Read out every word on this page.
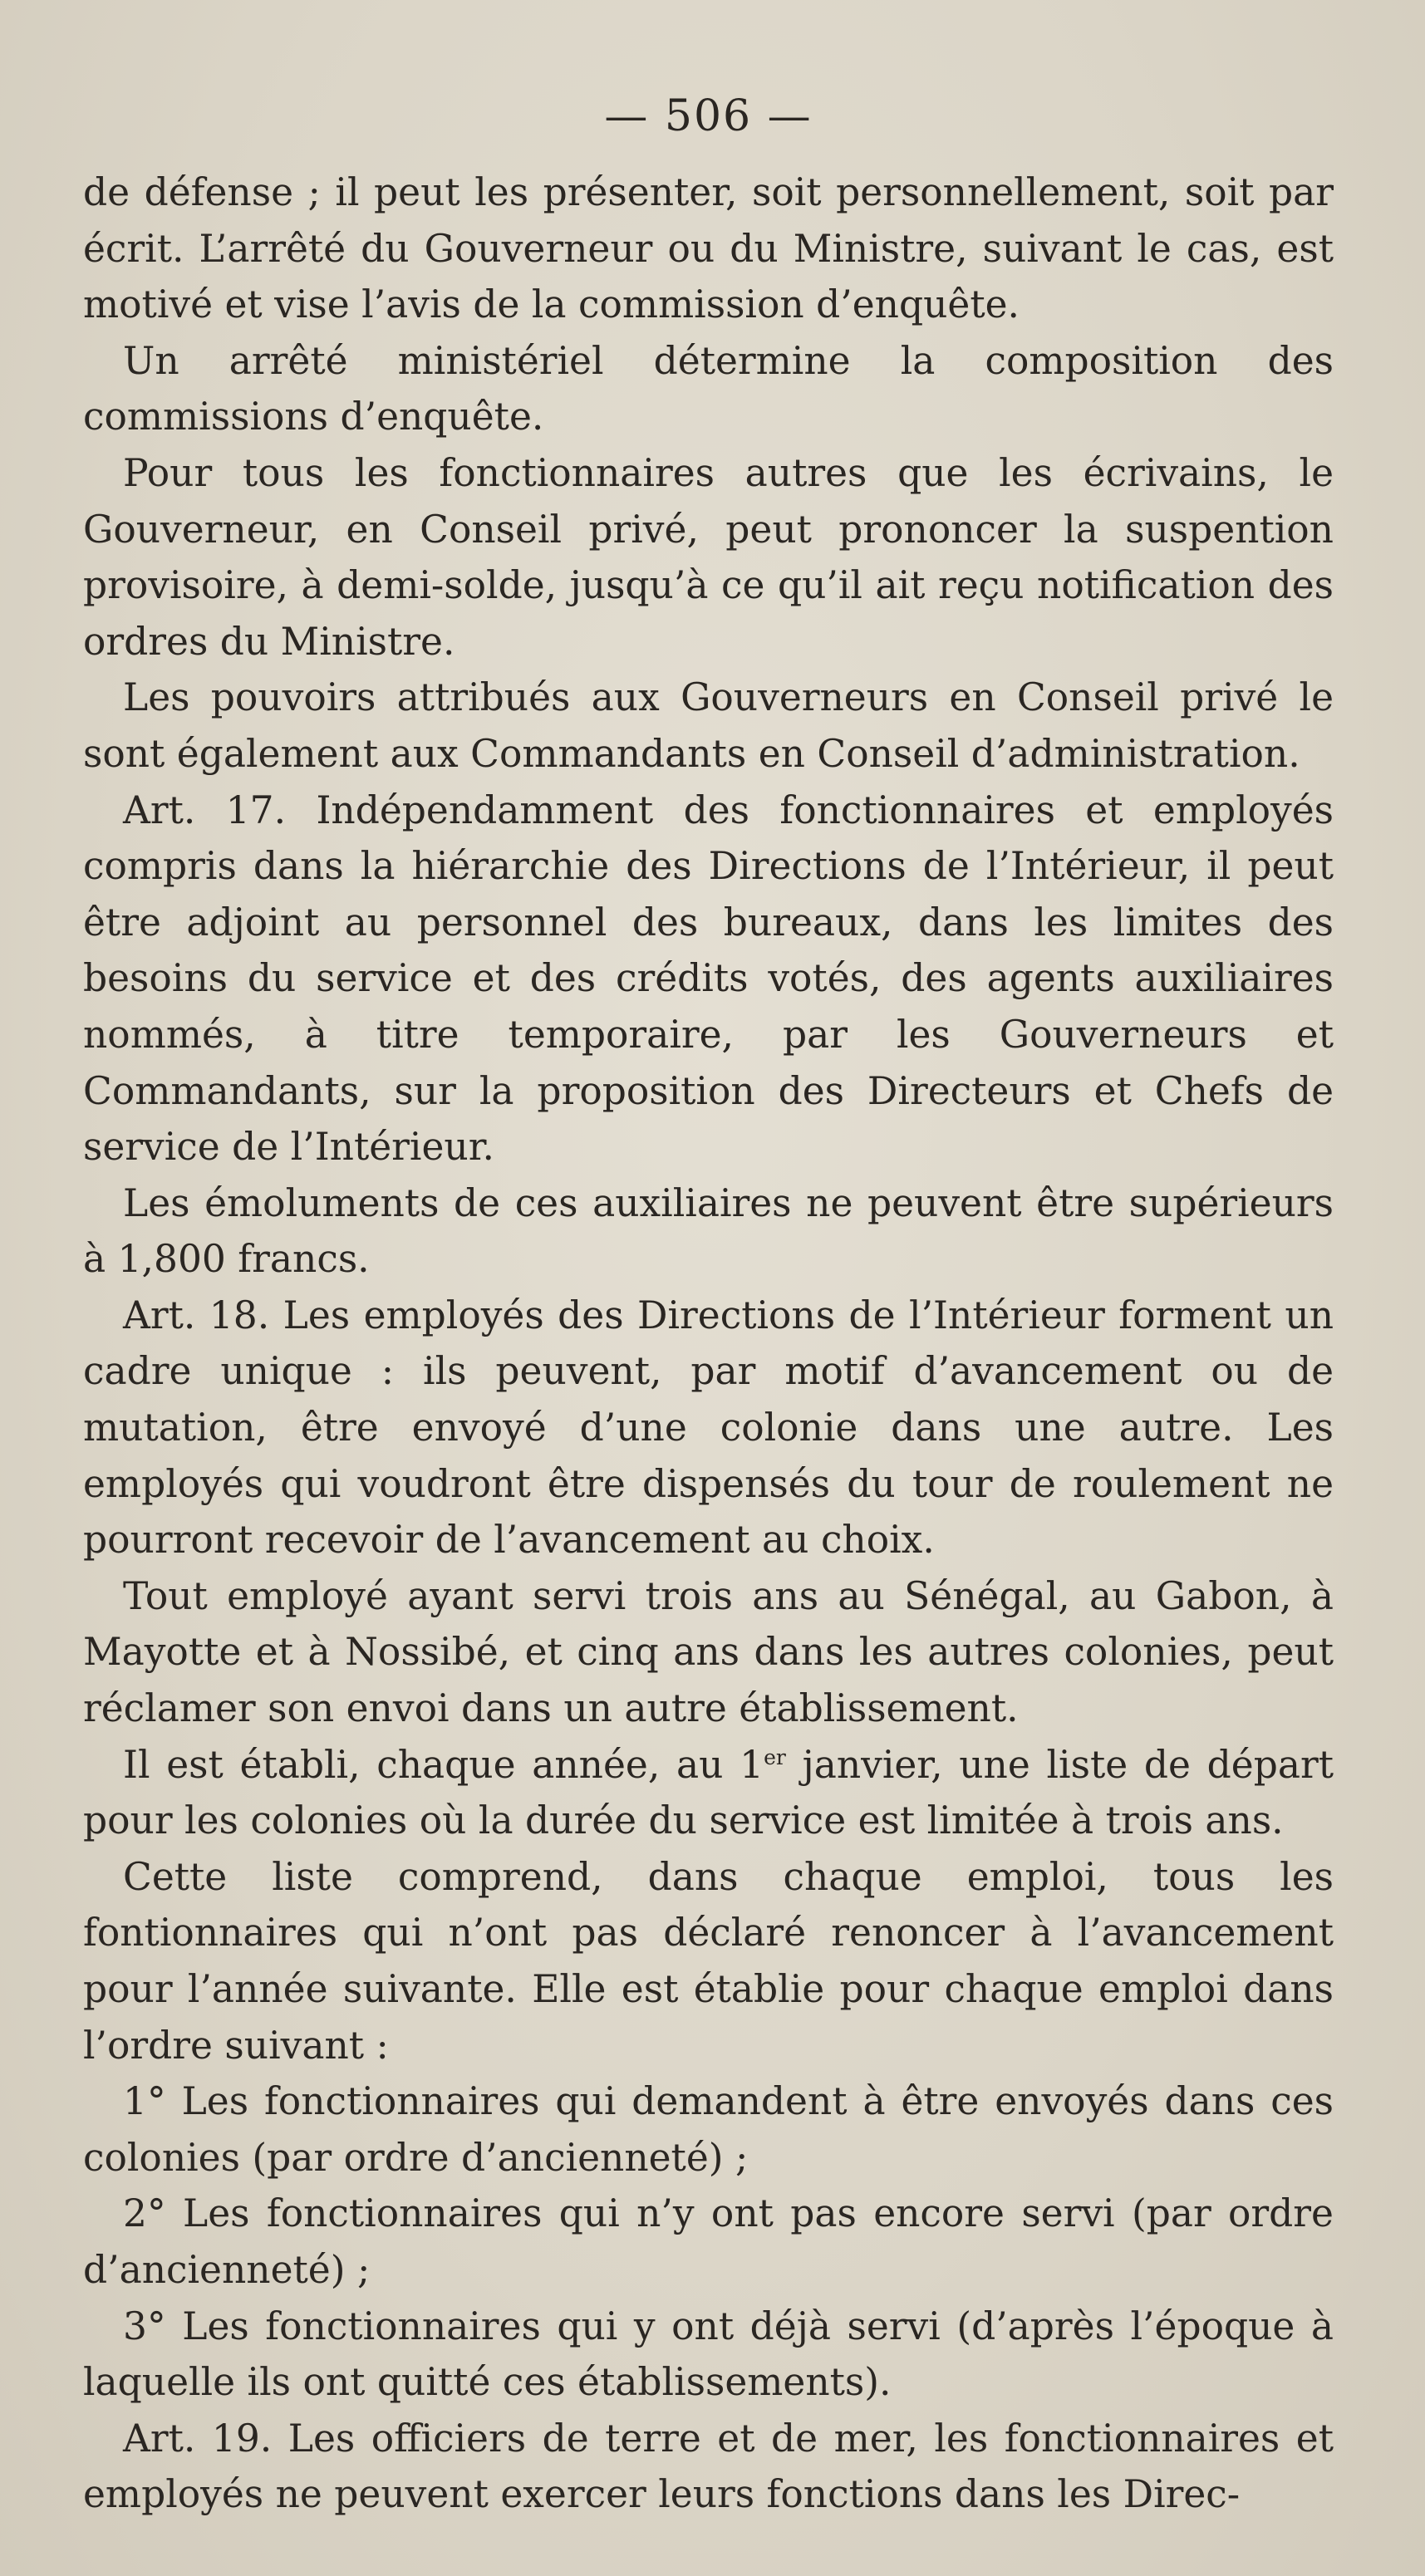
— 506 —

de défense ; il peut les présenter, soit personnellement, soit par écrit. L’arrêté du Gouverneur ou du Ministre, suivant le cas, est motivé et vise l’avis de la commission d’enquête.

Un arrêté ministériel détermine la composition des commissions d’enquête.

Pour tous les fonctionnaires autres que les écrivains, le Gouverneur, en Conseil privé, peut prononcer la suspention provisoire, à demi-solde, jusqu’à ce qu’il ait reçu notification des ordres du Ministre.

Les pouvoirs attribués aux Gouverneurs en Conseil privé le sont également aux Commandants en Conseil d’administration.

Art. 17. Indépendamment des fonctionnaires et employés compris dans la hiérarchie des Directions de l’Intérieur, il peut être adjoint au personnel des bureaux, dans les limites des besoins du service et des crédits votés, des agents auxiliaires nommés, à titre temporaire, par les Gouverneurs et Commandants, sur la proposition des Directeurs et Chefs de service de l’Intérieur.

Les émoluments de ces auxiliaires ne peuvent être supérieurs à 1,800 francs.

Art. 18. Les employés des Directions de l’Intérieur forment un cadre unique : ils peuvent, par motif d’avancement ou de mutation, être envoyé d’une colonie dans une autre. Les employés qui voudront être dispensés du tour de roulement ne pourront recevoir de l’avancement au choix.

Tout employé ayant servi trois ans au Sénégal, au Gabon, à Mayotte et à Nossibé, et cinq ans dans les autres colonies, peut réclamer son envoi dans un autre établissement.

Il est établi, chaque année, au 1er janvier, une liste de départ pour les colonies où la durée du service est limitée à trois ans.

Cette liste comprend, dans chaque emploi, tous les fontionnaires qui n’ont pas déclaré renoncer à l’avancement pour l’année suivante. Elle est établie pour chaque emploi dans l’ordre suivant :

1° Les fonctionnaires qui demandent à être envoyés dans ces colonies (par ordre d’ancienneté) ;

2° Les fonctionnaires qui n’y ont pas encore servi (par ordre d’ancienneté) ;

3° Les fonctionnaires qui y ont déjà servi (d’après l’époque à laquelle ils ont quitté ces établissements).

Art. 19. Les officiers de terre et de mer, les fonctionnaires et employés ne peuvent exercer leurs fonctions dans les Direc-
